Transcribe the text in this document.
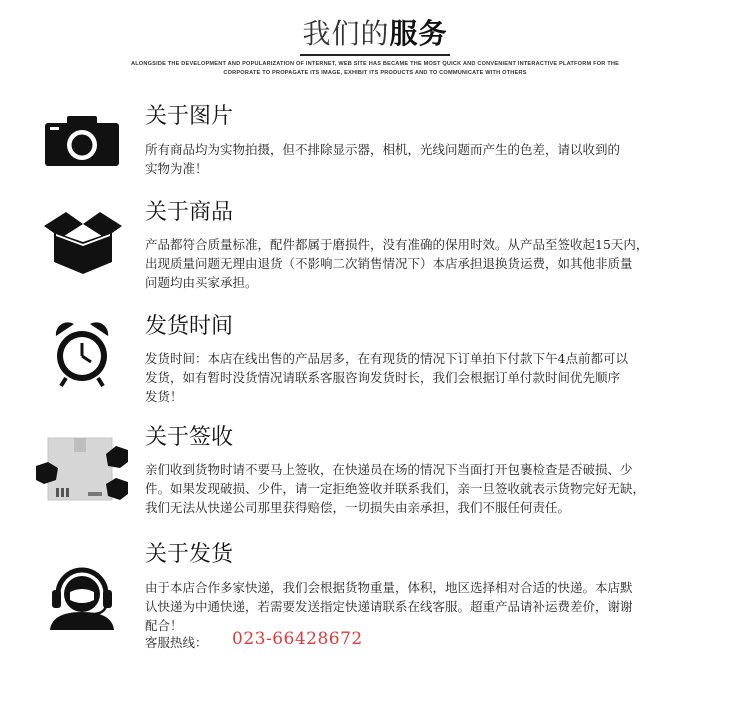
我们的服务
ALONGSIDE THE DEVELOPMENT AND POPULARIZATION OF INTERNET, WEB SITE HAS BECAME THE MOST QUICK AND CONVENIENT INTERACTIVE PLATFORM FOR THE
CORPORATE TO PROPAGATE ITS IMAGE, EXHIBIT ITS PRODUCTS AND TO COMMUNICATE WITH OTHERS
关于图片
所有商品均为实物拍摄，但不排除显示器，相机，光线问题而产生的色差，请以收到的
实物为准！
关于商品
产品都符合质量标准，配件都属于磨损件，没有准确的保用时效。从产品至签收起15天内，
出现质量问题无理由退货（不影响二次销售情况下）本店承担退换货运费，如其他非质量
问题均由买家承担。
发货时间
发货时间：本店在线出售的产品居多，在有现货的情况下订单拍下付款下午4点前都可以
发货，如有暂时没货情况请联系客服咨询发货时长，我们会根据订单付款时间优先顺序
发货！
关于签收
亲们收到货物时请不要马上签收，在快递员在场的情况下当面打开包裹检查是否破损、少
件。如果发现破损、少件，请一定拒绝签收并联系我们，亲一旦签收就表示货物完好无缺，
我们无法从快递公司那里获得赔偿，一切损失由亲承担，我们不服任何责任。
关于发货
由于本店合作多家快递，我们会根据货物重量，体积，地区选择相对合适的快递。本店默
认快递为中通快递，若需要发送指定快递请联系在线客服。超重产品请补运费差价，谢谢
配合！
客服热线： 023-66428672
